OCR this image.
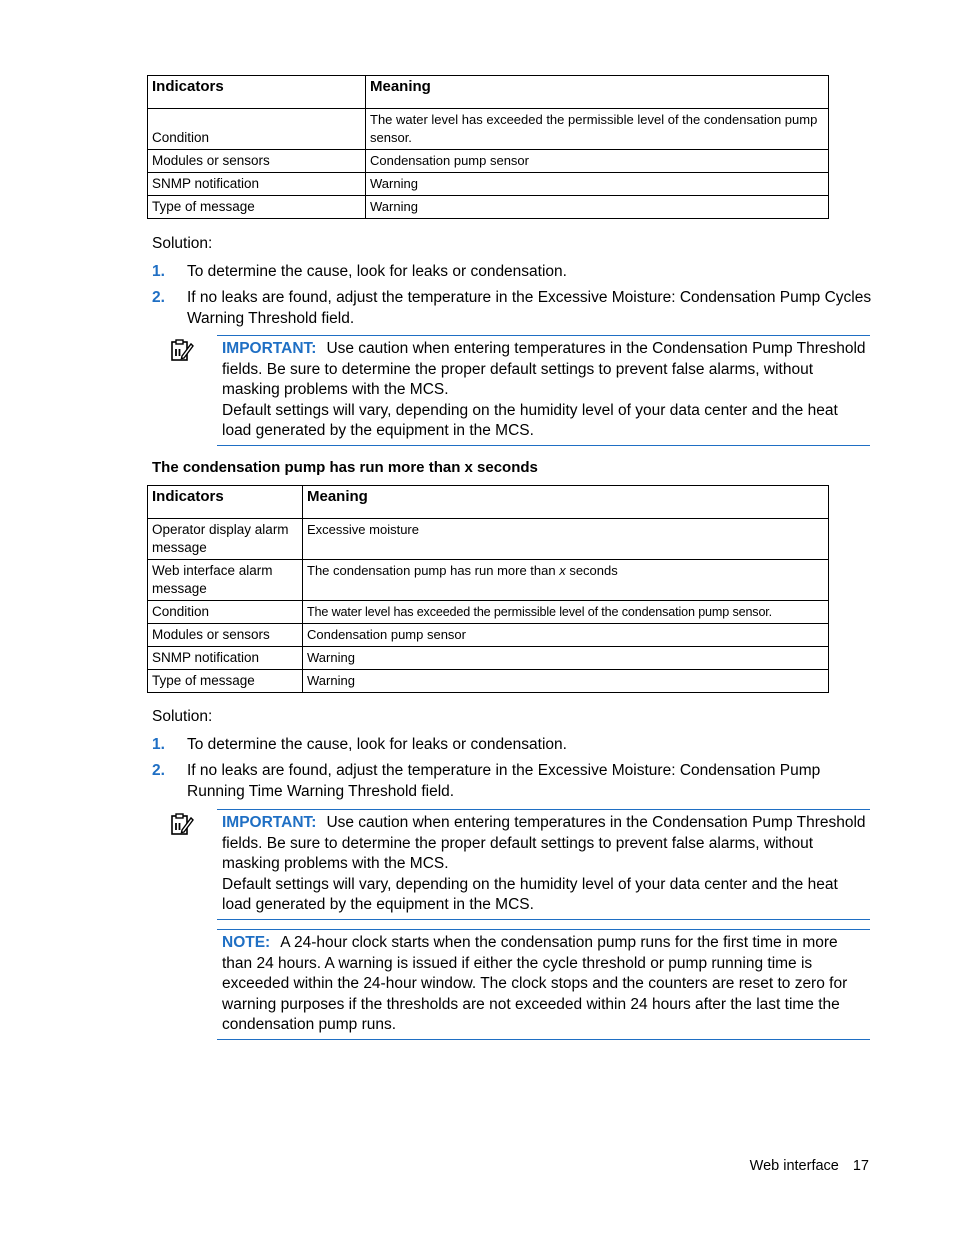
Indicators	Meaning
Condition	The water level has exceeded the permissible level of the condensation pump sensor.
Modules or sensors	Condensation pump sensor
SNMP notification	Warning
Type of message	Warning
Solution:
1. To determine the cause, look for leaks or condensation.
2. If no leaks are found, adjust the temperature in the Excessive Moisture: Condensation Pump Cycles Warning Threshold field.
IMPORTANT: Use caution when entering temperatures in the Condensation Pump Threshold fields. Be sure to determine the proper default settings to prevent false alarms, without masking problems with the MCS.
Default settings will vary, depending on the humidity level of your data center and the heat load generated by the equipment in the MCS.
The condensation pump has run more than x seconds
Indicators	Meaning
Operator display alarm message	Excessive moisture
Web interface alarm message	The condensation pump has run more than x seconds
Condition	The water level has exceeded the permissible level of the condensation pump sensor.
Modules or sensors	Condensation pump sensor
SNMP notification	Warning
Type of message	Warning
Solution:
1. To determine the cause, look for leaks or condensation.
2. If no leaks are found, adjust the temperature in the Excessive Moisture: Condensation Pump Running Time Warning Threshold field.
IMPORTANT: Use caution when entering temperatures in the Condensation Pump Threshold fields. Be sure to determine the proper default settings to prevent false alarms, without masking problems with the MCS.
Default settings will vary, depending on the humidity level of your data center and the heat load generated by the equipment in the MCS.
NOTE: A 24-hour clock starts when the condensation pump runs for the first time in more than 24 hours. A warning is issued if either the cycle threshold or pump running time is exceeded within the 24-hour window. The clock stops and the counters are reset to zero for warning purposes if the thresholds are not exceeded within 24 hours after the last time the condensation pump runs.
Web interface 17
